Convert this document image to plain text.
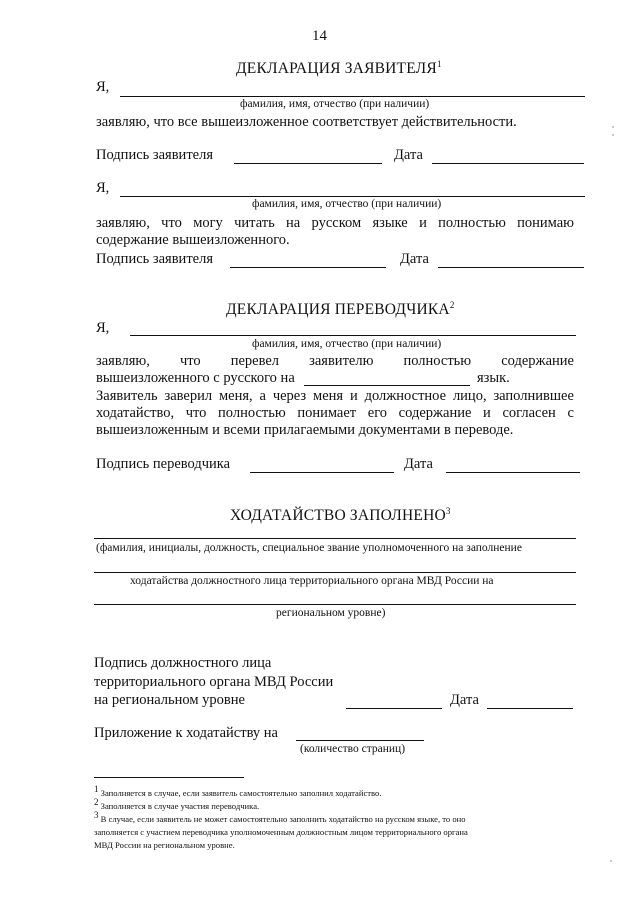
14
ДЕКЛАРАЦИЯ ЗАЯВИТЕЛЯ$^1$
Я,
фамилия, имя, отчество (при наличии)
заявляю, что все вышеизложенное соответствует действительности.
Подпись заявителя	Дата
Я,
фамилия, имя, отчество (при наличии)
заявляю, что могу читать на русском языке и полностью понимаю
содержание вышеизложенного.
Подпись заявителя	Дата
ДЕКЛАРАЦИЯ ПЕРЕВОДЧИКА$^2$
Я,
фамилия, имя, отчество (при наличии)
заявляю, что перевел заявителю полностью содержание
вышеизложенного с русского на	язык.
Заявитель заверил меня, а через меня и должностное лицо, заполнившее
ходатайство, что полностью понимает его содержание и согласен с
вышеизложенным и всеми прилагаемыми документами в переводе.
Подпись переводчика	Дата
ХОДАТАЙСТВО ЗАПОЛНЕНО$^3$
(фамилия, инициалы, должность, специальное звание уполномоченного на заполнение
ходатайства должностного лица территориального органа МВД России на
региональном уровне)
Подпись должностного лица
территориального органа МВД России
на региональном уровне	Дата
Приложение к ходатайству на
(количество страниц)
1 Заполняется в случае, если заявитель самостоятельно заполнил ходатайство.
2 Заполняется в случае участия переводчика.
3 В случае, если заявитель не может самостоятельно заполнить ходатайство на русском языке, то оно
заполняется с участием переводчика уполномоченным должностным лицом территориального органа
МВД России на региональном уровне.
